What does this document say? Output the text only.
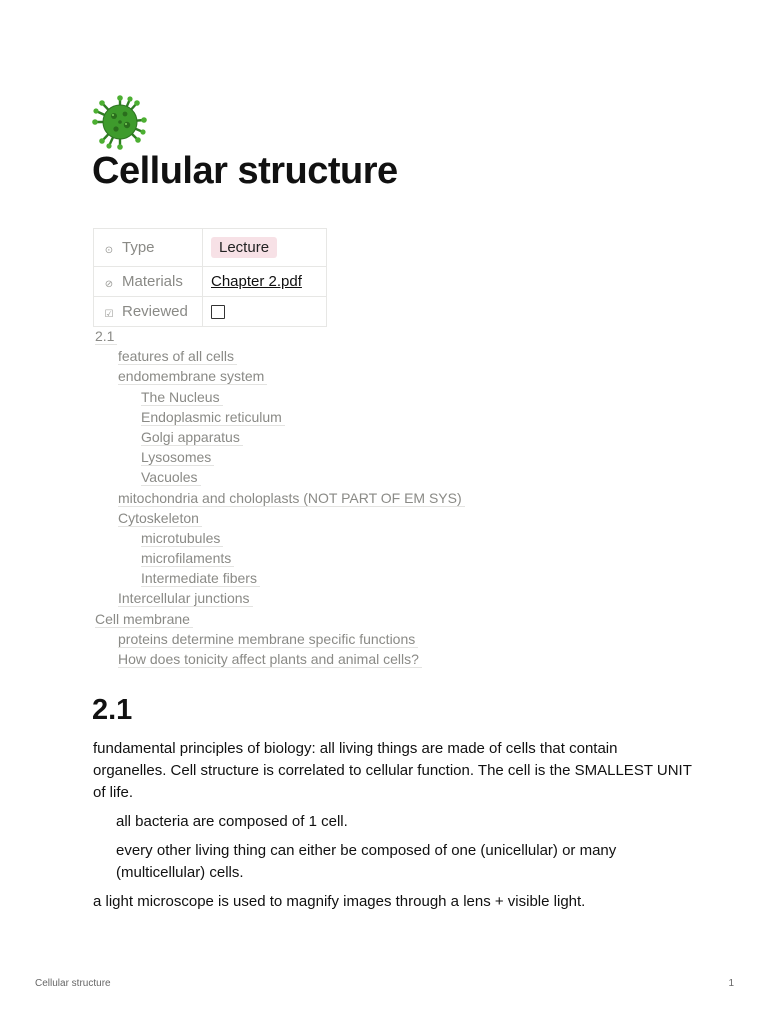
Cellular structure
⊙ Type	Lecture
⊘ Materials	Chapter 2.pdf
☑ Reviewed	
2.1
features of all cells
endomembrane system
The Nucleus
Endoplasmic reticulum
Golgi apparatus
Lysosomes
Vacuoles
mitochondria and choloplasts (NOT PART OF EM SYS)
Cytoskeleton
microtubules
microfilaments
Intermediate fibers
Intercellular junctions
Cell membrane
proteins determine membrane specific functions
How does tonicity affect plants and animal cells?
2.1

fundamental principles of biology: all living things are made of cells that contain organelles. Cell structure is correlated to cellular function. The cell is the SMALLEST UNIT of life.

all bacteria are composed of 1 cell.

every other living thing can either be composed of one (unicellular) or many (multicellular) cells.

a light microscope is used to magnify images through a lens + visible light.

Cellular structure	1
